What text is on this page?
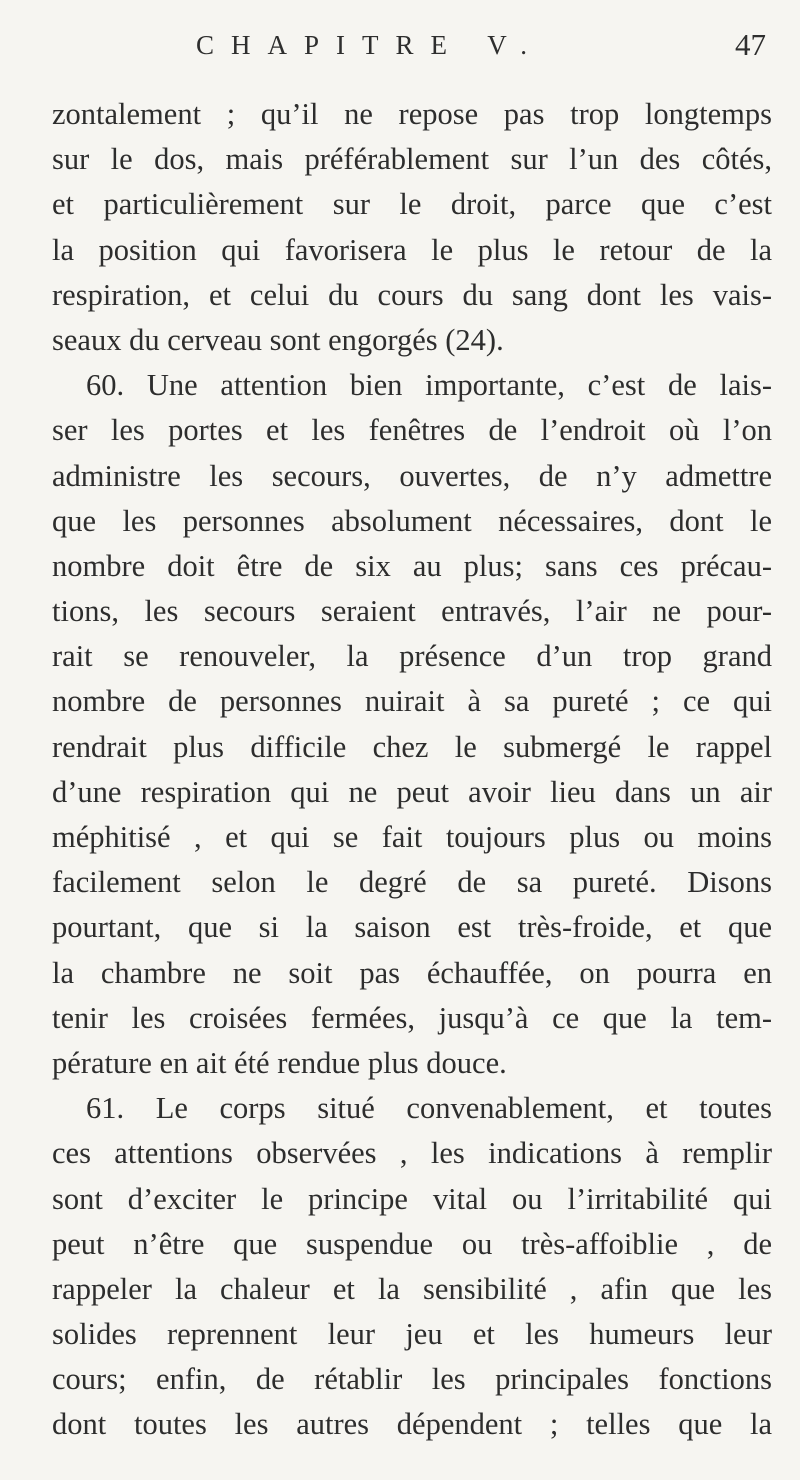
CHAPITRE V.	47
zontalement ; qu’il ne repose pas trop longtemps
sur le dos, mais préférablement sur l’un des côtés,
et particulièrement sur le droit, parce que c’est
la position qui favorisera le plus le retour de la
respiration, et celui du cours du sang dont les vais-
seaux du cerveau sont engorgés (24).
60. Une attention bien importante, c’est de lais-
ser les portes et les fenêtres de l’endroit où l’on
administre les secours, ouvertes, de n’y admettre
que les personnes absolument nécessaires, dont le
nombre doit être de six au plus; sans ces précau-
tions, les secours seraient entravés, l’air ne pour-
rait se renouveler, la présence d’un trop grand
nombre de personnes nuirait à sa pureté ; ce qui
rendrait plus difficile chez le submergé le rappel
d’une respiration qui ne peut avoir lieu dans un air
méphitisé , et qui se fait toujours plus ou moins
facilement selon le degré de sa pureté. Disons
pourtant, que si la saison est très-froide, et que
la chambre ne soit pas échauffée, on pourra en
tenir les croisées fermées, jusqu’à ce que la tem-
pérature en ait été rendue plus douce.
61. Le corps situé convenablement, et toutes
ces attentions observées , les indications à remplir
sont d’exciter le principe vital ou l’irritabilité qui
peut n’être que suspendue ou très-affoiblie , de
rappeler la chaleur et la sensibilité , afin que les
solides reprennent leur jeu et les humeurs leur
cours; enfin, de rétablir les principales fonctions
dont toutes les autres dépendent ; telles que la
